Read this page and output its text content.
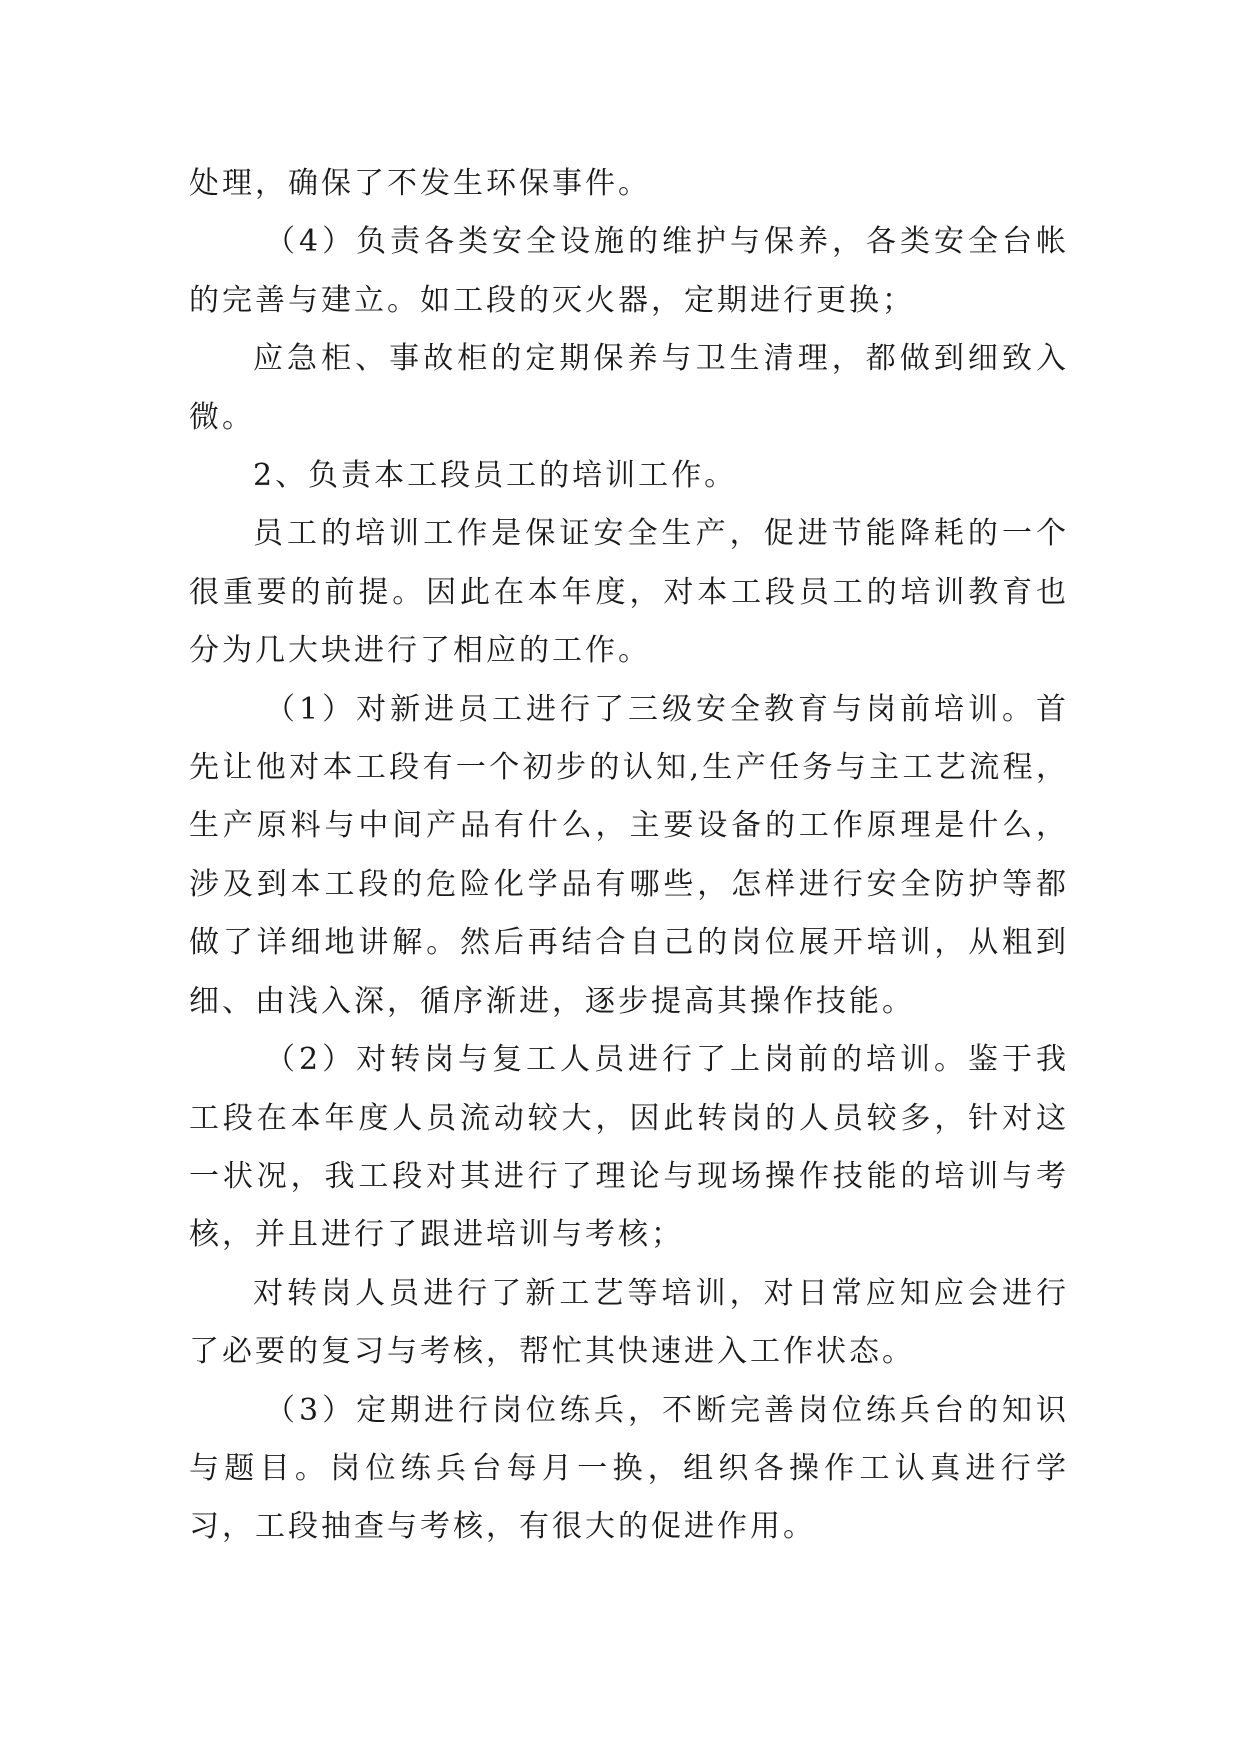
处理，确保了不发生环保事件。

（4）负责各类安全设施的维护与保养，各类安全台帐的完善与建立。如工段的灭火器，定期进行更换；

应急柜、事故柜的定期保养与卫生清理，都做到细致入微。

2、负责本工段员工的培训工作。

员工的培训工作是保证安全生产，促进节能降耗的一个很重要的前提。因此在本年度，对本工段员工的培训教育也分为几大块进行了相应的工作。

（1）对新进员工进行了三级安全教育与岗前培训。首先让他对本工段有一个初步的认知,生产任务与主工艺流程，生产原料与中间产品有什么，主要设备的工作原理是什么，涉及到本工段的危险化学品有哪些，怎样进行安全防护等都做了详细地讲解。然后再结合自己的岗位展开培训，从粗到细、由浅入深，循序渐进，逐步提高其操作技能。

（2）对转岗与复工人员进行了上岗前的培训。鉴于我工段在本年度人员流动较大，因此转岗的人员较多，针对这一状况，我工段对其进行了理论与现场操作技能的培训与考核，并且进行了跟进培训与考核；

对转岗人员进行了新工艺等培训，对日常应知应会进行了必要的复习与考核，帮忙其快速进入工作状态。

（3）定期进行岗位练兵，不断完善岗位练兵台的知识与题目。岗位练兵台每月一换，组织各操作工认真进行学习，工段抽查与考核，有很大的促进作用。
